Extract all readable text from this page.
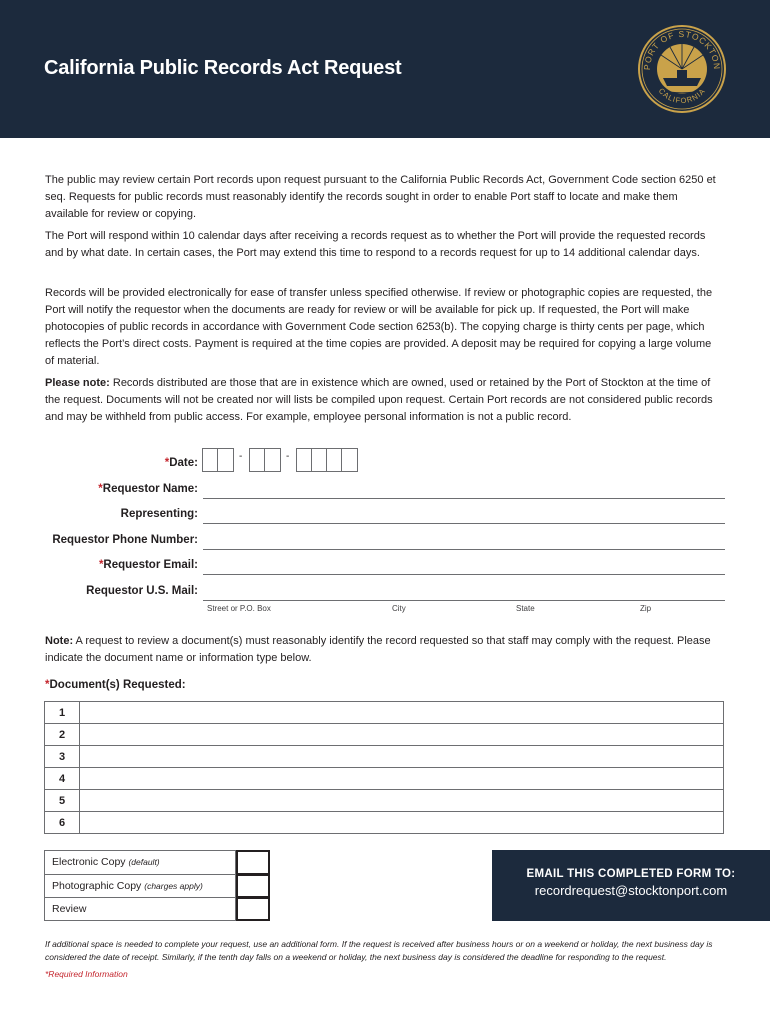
California Public Records Act Request	PORT OF STOCKTON
CALIFORNIA
The public may review certain Port records upon request pursuant to the California Public Records Act, Government Code section 6250 et seq. Requests for public records must reasonably identify the records sought in order to enable Port staff to locate and make them available for review or copying.
The Port will respond within 10 calendar days after receiving a records request as to whether the Port will provide the requested records and by what date. In certain cases, the Port may extend this time to respond to a records request for up to 14 additional calendar days.
Records will be provided electronically for ease of transfer unless specified otherwise. If review or photographic copies are requested, the Port will notify the requestor when the documents are ready for review or will be available for pick up. If requested, the Port will make photocopies of public records in accordance with Government Code section 6253(b). The copying charge is thirty cents per page, which reflects the Port’s direct costs. Payment is required at the time copies are provided. A deposit may be required for copying a large volume of material.
Please note: Records distributed are those that are in existence which are owned, used or retained by the Port of Stockton at the time of the request. Documents will not be created nor will lists be compiled upon request. Certain Port records are not considered public records and may be withheld from public access. For example, employee personal information is not a public record.
*Date:
-	-
*Requestor Name:
Representing:
Requestor Phone Number:
*Requestor Email:
Requestor U.S. Mail:
Street or P.O. Box	City	State	Zip
Note: A request to review a document(s) must reasonably identify the record requested so that staff may comply with the request. Please indicate the document name or information type below.
*Document(s) Requested:
1	
2	
3	
4	
5	
6	
Electronic Copy (default)
Photographic Copy (charges apply)
Review
EMAIL THIS COMPLETED FORM TO:
recordrequest@stocktonport.com
If additional space is needed to complete your request, use an additional form. If the request is received after business hours or on a weekend or holiday, the next business day is considered the date of receipt. Similarly, if the tenth day falls on a weekend or holiday, the next business day is considered the deadline for responding to the request.
*Required Information
